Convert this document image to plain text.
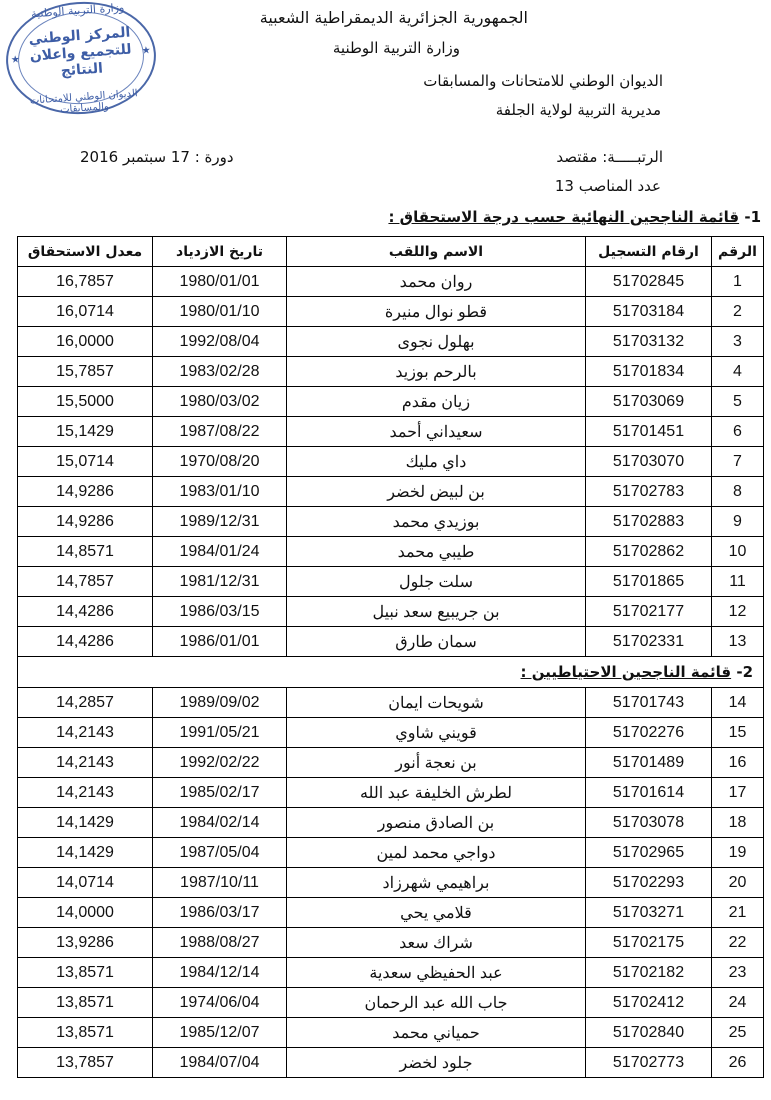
وزارة التربية الوطنية
المركز الوطني
للتجميع واعلان
النتائج
الديوان الوطني للامتحانات والمسابقات
★
★
الجمهورية الجزائرية الديمقراطية الشعبية
وزارة التربية الوطنية
الديوان الوطني للامتحانات والمسابقات
مديرية التربية لولاية الجلفة
الرتبـــــة: مقتصد
دورة : 17 سبتمبر 2016
عدد المناصب 13
1- قائمة الناجحين النهائية حسب درجة الاستحقاق :
الرقم	ارقام التسجيل	الاسم واللقب	تاريخ الازدياد	معدل الاستحقاق
1	51702845	روان محمد	1980/01/01	16,7857
2	51703184	قطو نوال منيرة	1980/01/10	16,0714
3	51703132	بهلول نجوى	1992/08/04	16,0000
4	51701834	بالرحم بوزيد	1983/02/28	15,7857
5	51703069	زيان مقدم	1980/03/02	15,5000
6	51701451	سعيداني أحمد	1987/08/22	15,1429
7	51703070	داي مليك	1970/08/20	15,0714
8	51702783	بن لبيض لخضر	1983/01/10	14,9286
9	51702883	بوزيدي محمد	1989/12/31	14,9286
10	51702862	طيبي محمد	1984/01/24	14,8571
11	51701865	سلت جلول	1981/12/31	14,7857
12	51702177	بن جريبيع سعد نبيل	1986/03/15	14,4286
13	51702331	سمان طارق	1986/01/01	14,4286
2- قائمة الناجحين الاحتياطيين :				
14	51701743	شويحات ايمان	1989/09/02	14,2857
15	51702276	قويني شاوي	1991/05/21	14,2143
16	51701489	بن نعجة أنور	1992/02/22	14,2143
17	51701614	لطرش الخليفة عبد الله	1985/02/17	14,2143
18	51703078	بن الصادق منصور	1984/02/14	14,1429
19	51702965	دواجي محمد لمين	1987/05/04	14,1429
20	51702293	براهيمي شهرزاد	1987/10/11	14,0714
21	51703271	قلامي يحي	1986/03/17	14,0000
22	51702175	شراك سعد	1988/08/27	13,9286
23	51702182	عبد الحفيظي سعدية	1984/12/14	13,8571
24	51702412	جاب الله عبد الرحمان	1974/06/04	13,8571
25	51702840	حمياني محمد	1985/12/07	13,8571
26	51702773	جلود لخضر	1984/07/04	13,7857
